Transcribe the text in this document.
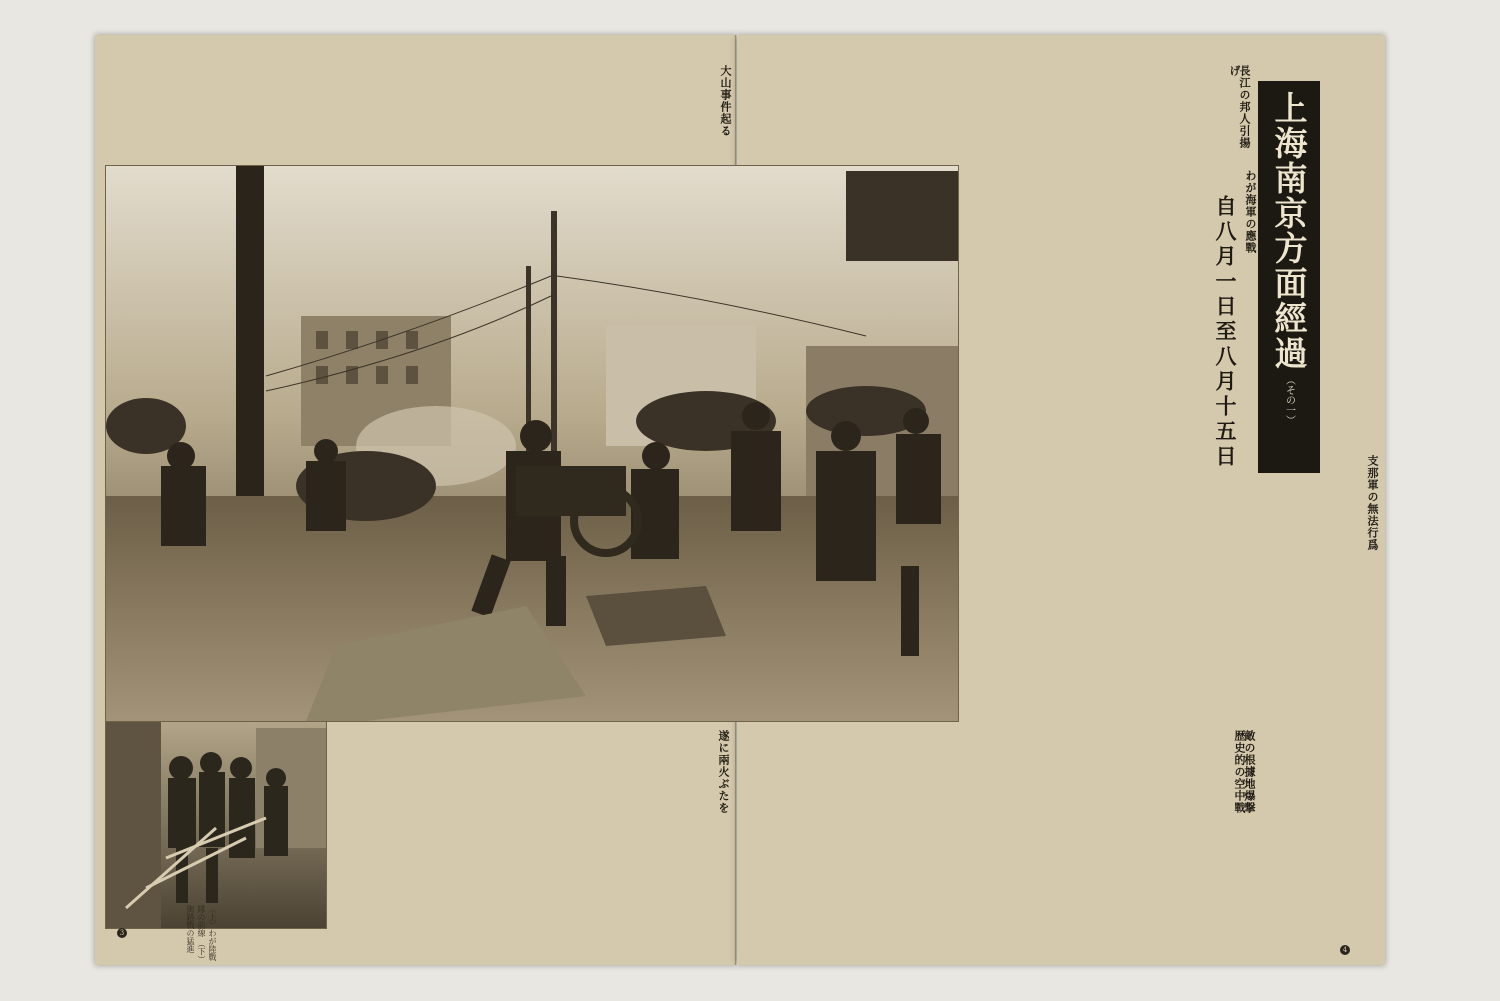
大山事件起る
（上）わが陸戰隊の前線 （下）街路戰の猛進
遂に兩火ぶたを
3
長江の邦人引揚げ
わが海軍の應戰
支那軍の無法行爲
敵の根據地爆撃
歴史的の空中戰
4
上海南京方面經過
（その一）
自八月一日至八月十五日
